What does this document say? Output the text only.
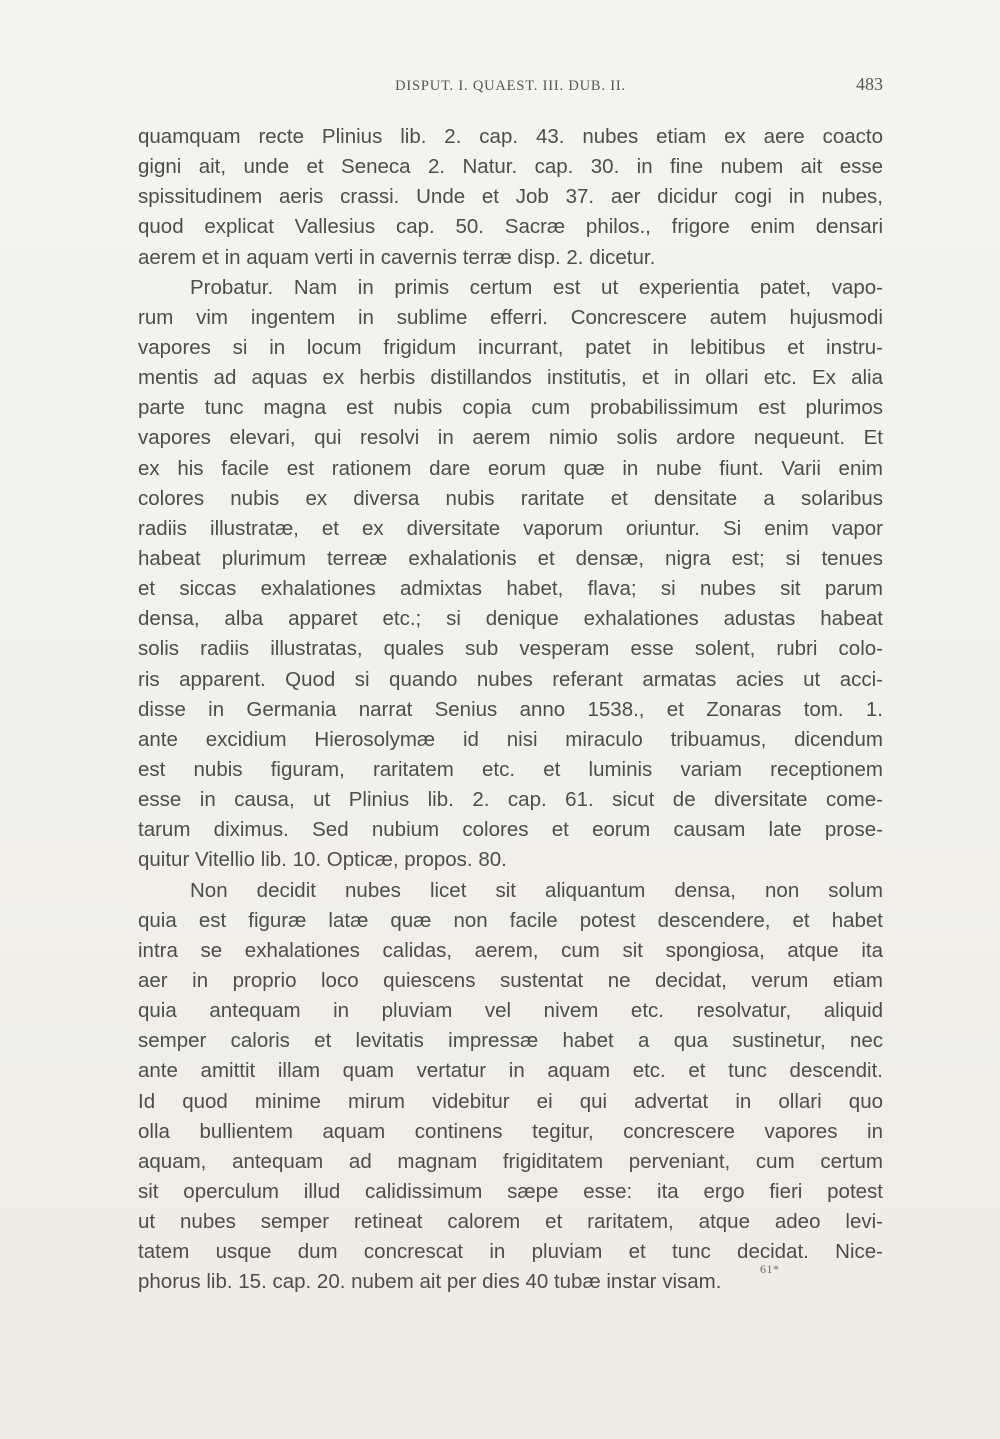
DISPUT. I. QUAEST. III. DUB. II.	483
quamquam recte Plinius lib. 2. cap. 43. nubes etiam ex aere coacto
gigni ait, unde et Seneca 2. Natur. cap. 30. in fine nubem ait esse
spissitudinem aeris crassi. Unde et Job 37. aer dicidur cogi in nubes,
quod explicat Vallesius cap. 50. Sacræ philos., frigore enim densari
aerem et in aquam verti in cavernis terræ disp. 2. dicetur.
Probatur. Nam in primis certum est ut experientia patet, vapo-
rum vim ingentem in sublime efferri. Concrescere autem hujusmodi
vapores si in locum frigidum incurrant, patet in lebitibus et instru-
mentis ad aquas ex herbis distillandos institutis, et in ollari etc. Ex alia
parte tunc magna est nubis copia cum probabilissimum est plurimos
vapores elevari, qui resolvi in aerem nimio solis ardore nequeunt. Et
ex his facile est rationem dare eorum quæ in nube fiunt. Varii enim
colores nubis ex diversa nubis raritate et densitate a solaribus
radiis illustratæ, et ex diversitate vaporum oriuntur. Si enim vapor
habeat plurimum terreæ exhalationis et densæ, nigra est; si tenues
et siccas exhalationes admixtas habet, flava; si nubes sit parum
densa, alba apparet etc.; si denique exhalationes adustas habeat
solis radiis illustratas, quales sub vesperam esse solent, rubri colo-
ris apparent. Quod si quando nubes referant armatas acies ut acci-
disse in Germania narrat Senius anno 1538., et Zonaras tom. 1.
ante excidium Hierosolymæ id nisi miraculo tribuamus, dicendum
est nubis figuram, raritatem etc. et luminis variam receptionem
esse in causa, ut Plinius lib. 2. cap. 61. sicut de diversitate come-
tarum diximus. Sed nubium colores et eorum causam late prose-
quitur Vitellio lib. 10. Opticæ, propos. 80.
Non decidit nubes licet sit aliquantum densa, non solum
quia est figuræ latæ quæ non facile potest descendere, et habet
intra se exhalationes calidas, aerem, cum sit spongiosa, atque ita
aer in proprio loco quiescens sustentat ne decidat, verum etiam
quia antequam in pluviam vel nivem etc. resolvatur, aliquid
semper caloris et levitatis impressæ habet a qua sustinetur, nec
ante amittit illam quam vertatur in aquam etc. et tunc descendit.
Id quod minime mirum videbitur ei qui advertat in ollari quo
olla bullientem aquam continens tegitur, concrescere vapores in
aquam, antequam ad magnam frigiditatem perveniant, cum certum
sit operculum illud calidissimum sæpe esse: ita ergo fieri potest
ut nubes semper retineat calorem et raritatem, atque adeo levi-
tatem usque dum concrescat in pluviam et tunc decidat. Nice-
phorus lib. 15. cap. 20. nubem ait per dies 40 tubæ instar visam.
61*
